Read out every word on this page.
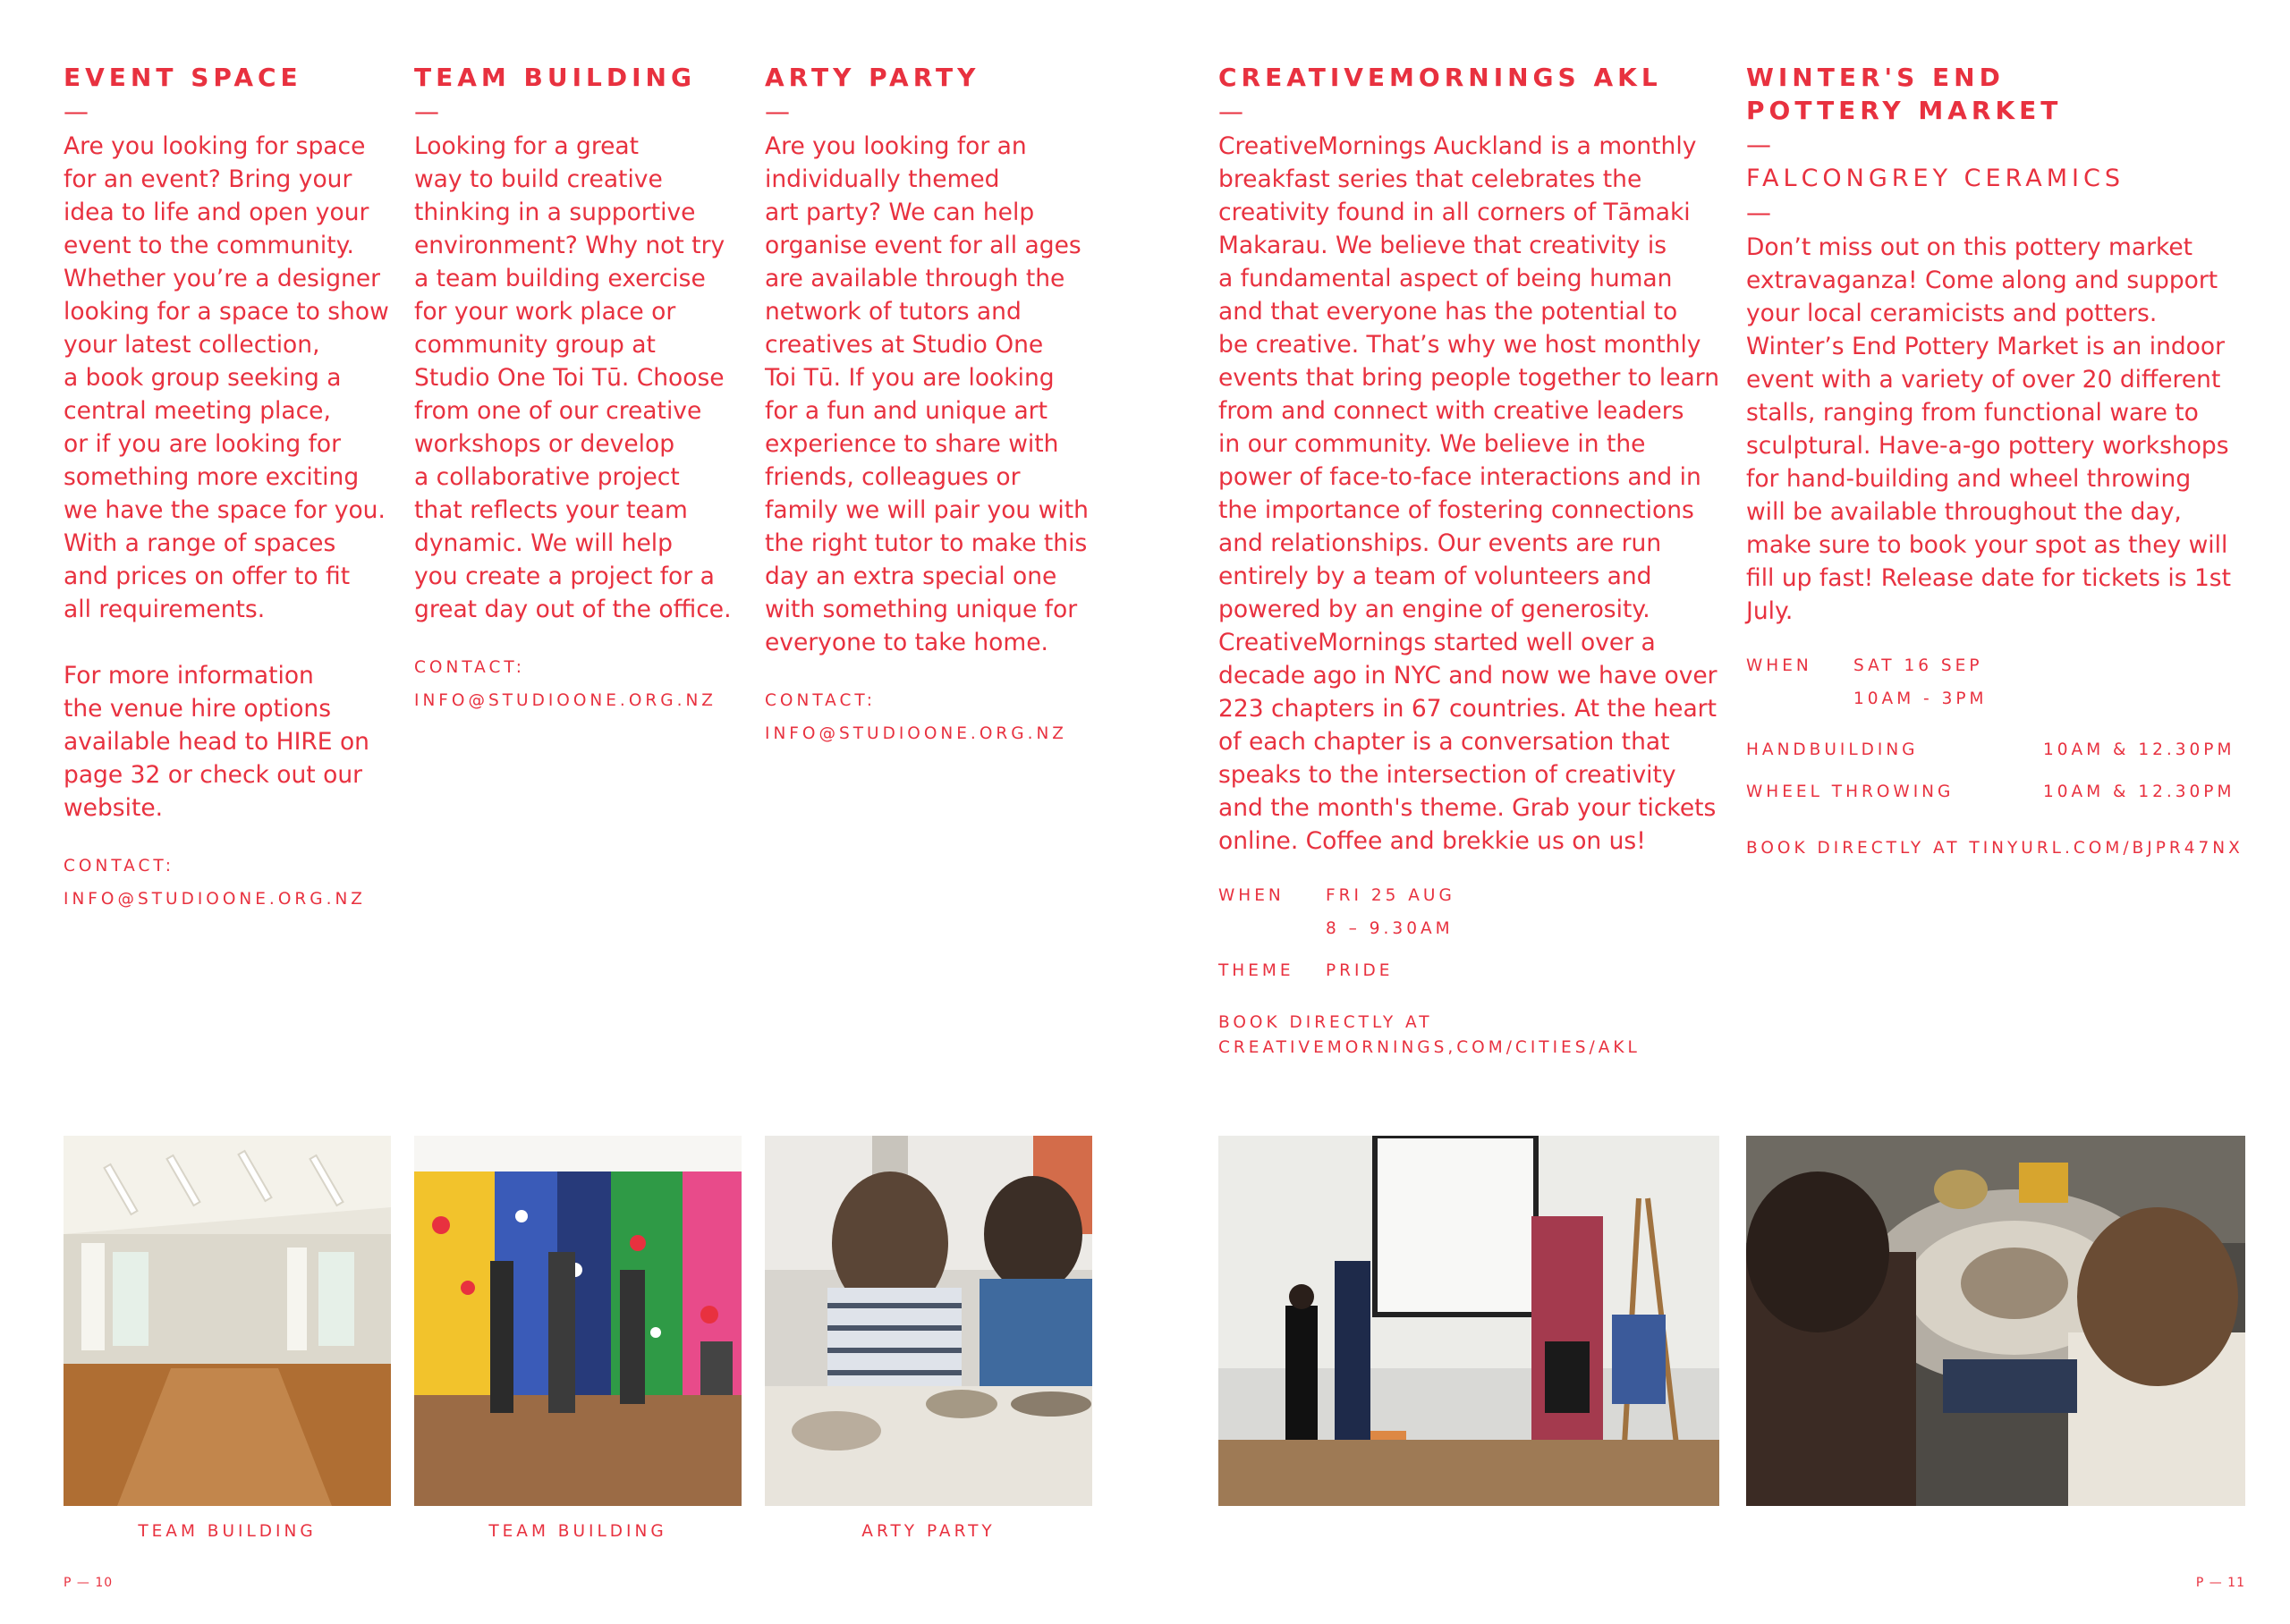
EVENT SPACE
—
Are you looking for space
for an event? Bring your
idea to life and open your
event to the community.
Whether you’re a designer
looking for a space to show
your latest collection,
a book group seeking a
central meeting place,
or if you are looking for
something more exciting
we have the space for you.
With a range of spaces
and prices on offer to fit
all requirements.
For more information
the venue hire options
available head to HIRE on
page 32 or check out our
website.
CONTACT:
INFO@STUDIOONE.ORG.NZ
TEAM BUILDING
—
Looking for a great
way to build creative
thinking in a supportive
environment? Why not try
a team building exercise
for your work place or
community group at
Studio One Toi Tū. Choose
from one of our creative
workshops or develop
a collaborative project
that reflects your team
dynamic. We will help
you create a project for a
great day out of the office.
CONTACT:
INFO@STUDIOONE.ORG.NZ
ARTY PARTY
—
Are you looking for an
individually themed
art party? We can help
organise event for all ages
are available through the
network of tutors and
creatives at Studio One
Toi Tū. If you are looking
for a fun and unique art
experience to share with
friends, colleagues or
family we will pair you with
the right tutor to make this
day an extra special one
with something unique for
everyone to take home.
CONTACT:
INFO@STUDIOONE.ORG.NZ
CREATIVEMORNINGS AKL
—
CreativeMornings Auckland is a monthly
breakfast series that celebrates the
creativity found in all corners of Tāmaki
Makarau. We believe that creativity is
a fundamental aspect of being human
and that everyone has the potential to
be creative. That’s why we host monthly
events that bring people together to learn
from and connect with creative leaders
in our community. We believe in the
power of face-to-face interactions and in
the importance of fostering connections
and relationships. Our events are run
entirely by a team of volunteers and
powered by an engine of generosity.
CreativeMornings started well over a
decade ago in NYC and now we have over
223 chapters in 67 countries. At the heart
of each chapter is a conversation that
speaks to the intersection of creativity
and the month's theme. Grab your tickets
online. Coffee and brekkie us on us!
WHEN	FRI 25 AUG
8 – 9.30AM
THEME	PRIDE
BOOK DIRECTLY AT
CREATIVEMORNINGS,COM/CITIES/AKL
WINTER'S END
POTTERY MARKET
—
FALCONGREY CERAMICS
—
Don’t miss out on this pottery market
extravaganza! Come along and support
your local ceramicists and potters.
Winter’s End Pottery Market is an indoor
event with a variety of over 20 different
stalls, ranging from functional ware to
sculptural. Have-a-go pottery workshops
for hand-building and wheel throwing
will be available throughout the day,
make sure to book your spot as they will
fill up fast! Release date for tickets is 1st
July.
WHEN	SAT 16 SEP
10AM - 3PM
HANDBUILDING	10AM & 12.30PM
WHEEL THROWING	10AM & 12.30PM
BOOK DIRECTLY AT TINYURL.COM/BJPR47NX
TEAM BUILDING	TEAM BUILDING	ARTY PARTY
P — 10	P — 11
